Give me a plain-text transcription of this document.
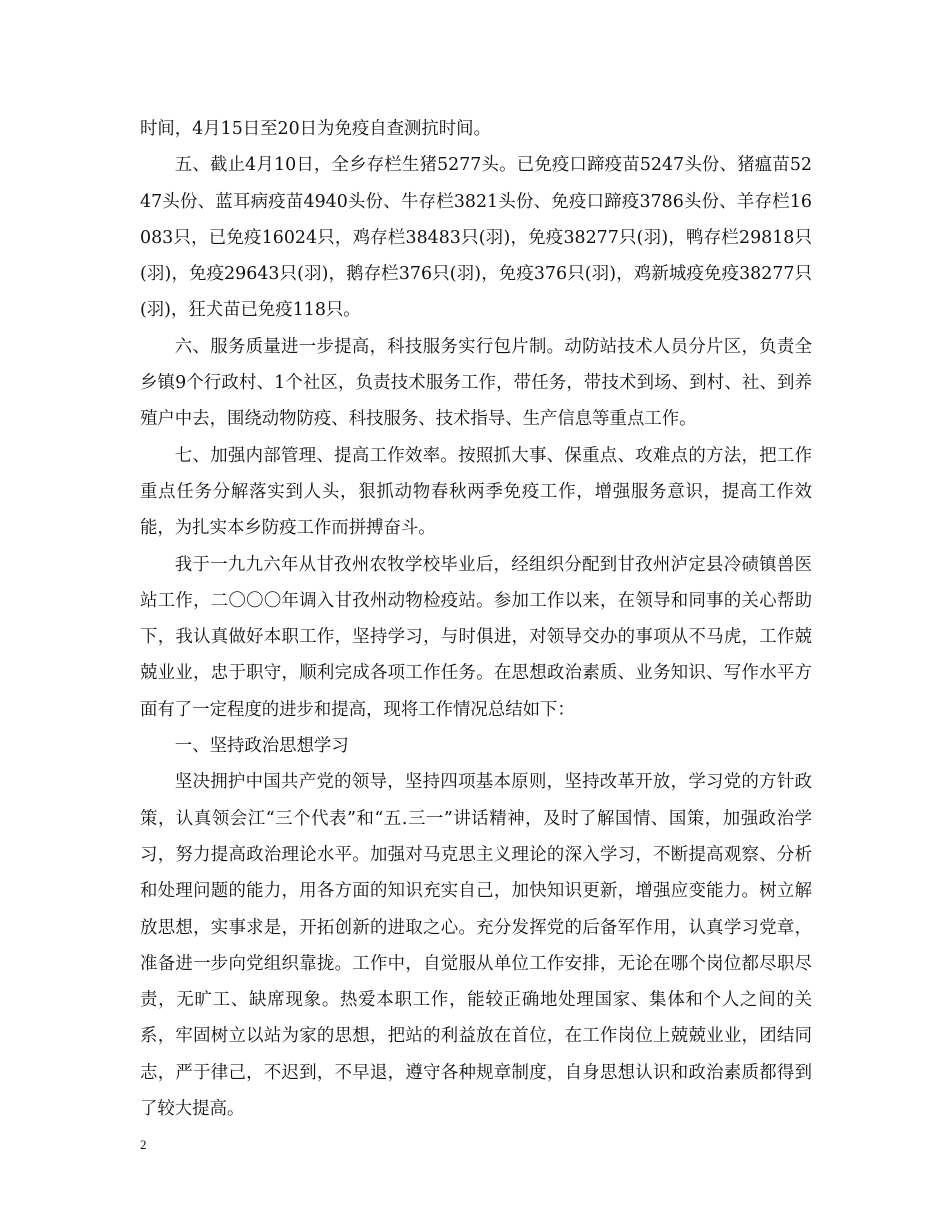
时间，4月15日至20日为免疫自查测抗时间。

五、截止4月10日，全乡存栏生猪5277头。已免疫口蹄疫苗5247头份、猪瘟苗5247头份、蓝耳病疫苗4940头份、牛存栏3821头份、免疫口蹄疫3786头份、羊存栏16083只，已免疫16024只，鸡存栏38483只(羽)，免疫38277只(羽)，鸭存栏29818只(羽)，免疫29643只(羽)，鹅存栏376只(羽)，免疫376只(羽)，鸡新城疫免疫38277只(羽)，狂犬苗已免疫118只。

六、服务质量进一步提高，科技服务实行包片制。动防站技术人员分片区，负责全乡镇9个行政村、1个社区，负责技术服务工作，带任务，带技术到场、到村、社、到养殖户中去，围绕动物防疫、科技服务、技术指导、生产信息等重点工作。

七、加强内部管理、提高工作效率。按照抓大事、保重点、攻难点的方法，把工作重点任务分解落实到人头，狠抓动物春秋两季免疫工作，增强服务意识，提高工作效能，为扎实本乡防疫工作而拼搏奋斗。

我于一九九六年从甘孜州农牧学校毕业后，经组织分配到甘孜州泸定县冷碛镇兽医站工作，二〇〇〇年调入甘孜州动物检疫站。参加工作以来，在领导和同事的关心帮助下，我认真做好本职工作，坚持学习，与时俱进，对领导交办的事项从不马虎，工作兢兢业业，忠于职守，顺利完成各项工作任务。在思想政治素质、业务知识、写作水平方面有了一定程度的进步和提高，现将工作情况总结如下：

一、坚持政治思想学习

坚决拥护中国共产党的领导，坚持四项基本原则，坚持改革开放，学习党的方针政策，认真领会江“三个代表”和“五.三一”讲话精神，及时了解国情、国策，加强政治学习，努力提高政治理论水平。加强对马克思主义理论的深入学习，不断提高观察、分析和处理问题的能力，用各方面的知识充实自己，加快知识更新，增强应变能力。树立解放思想，实事求是，开拓创新的进取之心。充分发挥党的后备军作用，认真学习党章，准备进一步向党组织靠拢。工作中，自觉服从单位工作安排，无论在哪个岗位都尽职尽责，无旷工、缺席现象。热爱本职工作，能较正确地处理国家、集体和个人之间的关系，牢固树立以站为家的思想，把站的利益放在首位，在工作岗位上兢兢业业，团结同志，严于律己，不迟到，不早退，遵守各种规章制度，自身思想认识和政治素质都得到了较大提高。

2
